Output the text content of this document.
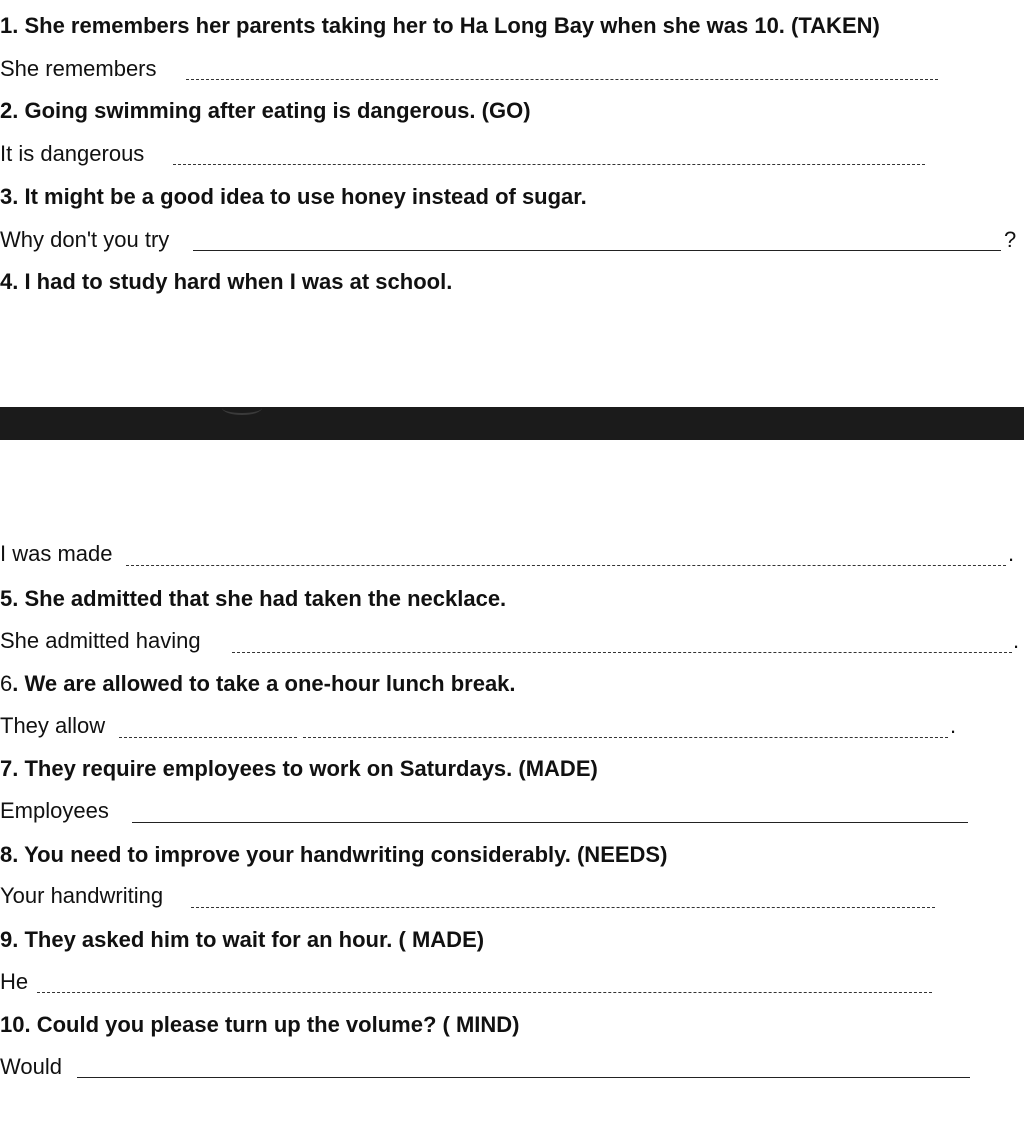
1. She remembers her parents taking her to Ha Long Bay when she was 10. (TAKEN)
She remembers
2. Going swimming after eating is dangerous. (GO)
It is dangerous
3. It might be a good idea to use honey instead of sugar.
Why don't you try	?
4. I had to study hard when I was at school.
I was made	.
5. She admitted that she had taken the necklace.
She admitted having	.
6. We are allowed to take a one-hour lunch break.
They allow	.
7. They require employees to work on Saturdays. (MADE)
Employees
8. You need to improve your handwriting considerably. (NEEDS)
Your handwriting
9. They asked him to wait for an hour. ( MADE)
He
10. Could you please turn up the volume? ( MIND)
Would
